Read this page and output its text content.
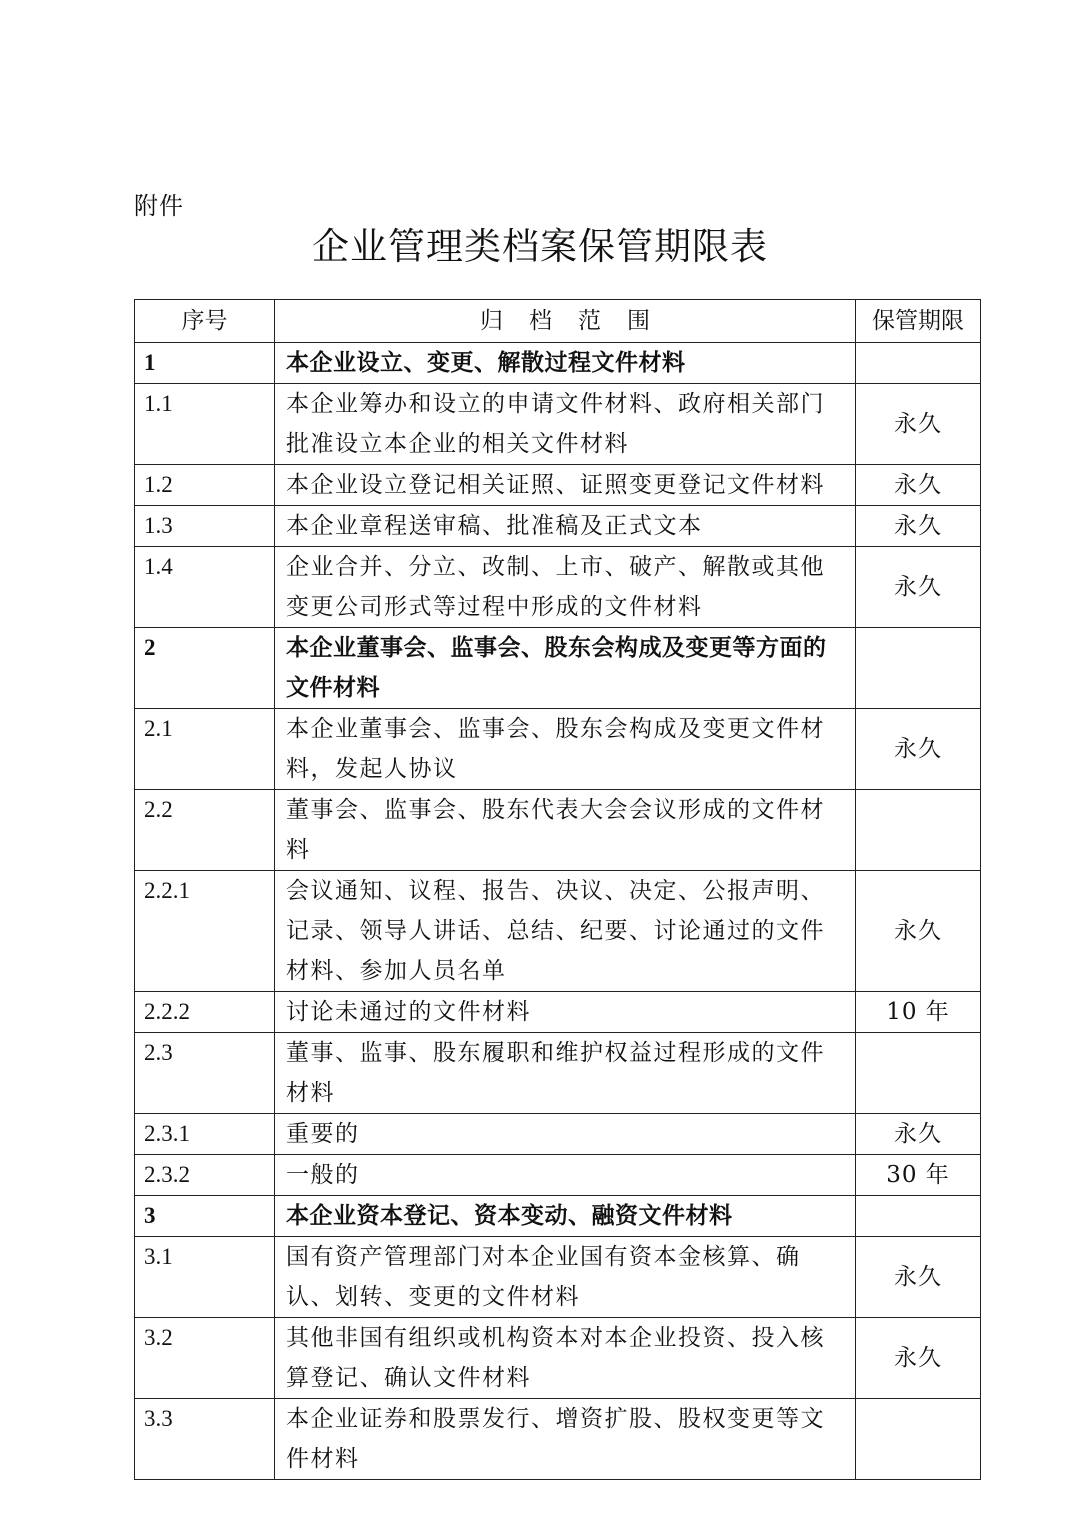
附件
企业管理类档案保管期限表
序号	归档范围	保管期限
1	本企业设立、变更、解散过程文件材料	
1.1	本企业筹办和设立的申请文件材料、政府相关部门批准设立本企业的相关文件材料	永久
1.2	本企业设立登记相关证照、证照变更登记文件材料	永久
1.3	本企业章程送审稿、批准稿及正式文本	永久
1.4	企业合并、分立、改制、上市、破产、解散或其他变更公司形式等过程中形成的文件材料	永久
2	本企业董事会、监事会、股东会构成及变更等方面的文件材料	
2.1	本企业董事会、监事会、股东会构成及变更文件材料，发起人协议	永久
2.2	董事会、监事会、股东代表大会会议形成的文件材料	
2.2.1	会议通知、议程、报告、决议、决定、公报声明、记录、领导人讲话、总结、纪要、讨论通过的文件材料、参加人员名单	永久
2.2.2	讨论未通过的文件材料	10 年
2.3	董事、监事、股东履职和维护权益过程形成的文件材料	
2.3.1	重要的	永久
2.3.2	一般的	30 年
3	本企业资本登记、资本变动、融资文件材料	
3.1	国有资产管理部门对本企业国有资本金核算、确认、划转、变更的文件材料	永久
3.2	其他非国有组织或机构资本对本企业投资、投入核算登记、确认文件材料	永久
3.3	本企业证券和股票发行、增资扩股、股权变更等文件材料	
